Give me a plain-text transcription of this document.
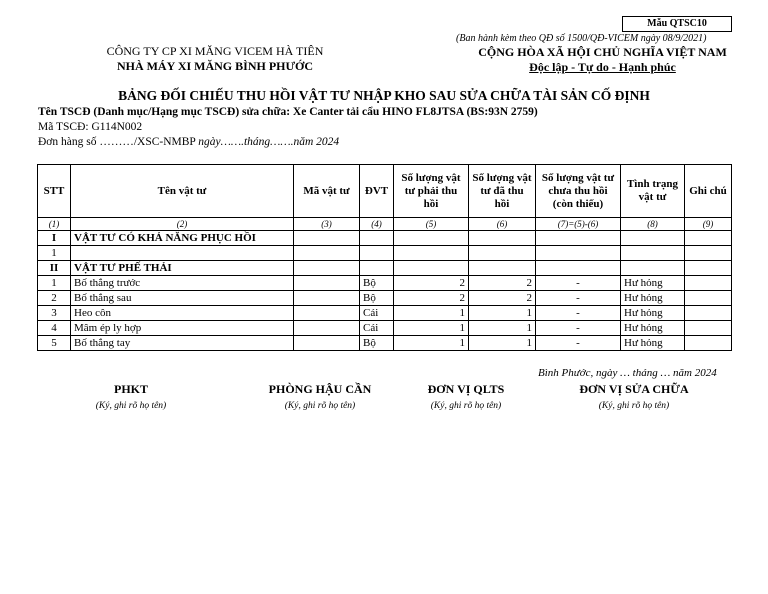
Mẫu QTSC10
(Ban hành kèm theo QĐ số 1500/QĐ-VICEM ngày 08/9/2021)
CÔNG TY CP XI MĂNG VICEM HÀ TIÊN
NHÀ MÁY XI MĂNG BÌNH PHƯỚC
CỘNG HÒA XÃ HỘI CHỦ NGHĨA VIỆT NAM
Độc lập - Tự do - Hạnh phúc
BẢNG ĐỐI CHIẾU THU HỒI VẬT TƯ NHẬP KHO SAU SỬA CHỮA TÀI SẢN CỐ ĐỊNH
Tên TSCĐ (Danh mục/Hạng mục TSCĐ) sửa chữa: Xe Canter tải cẩu HINO FL8JTSA (BS:93N 2759)
Mã TSCĐ: G114N002
Đơn hàng số ………/XSC-NMBP ngày…….tháng…….năm 2024
STT	Tên vật tư	Mã vật tư	ĐVT	Số lượng vật tư phải thu hồi	Số lượng vật tư đã thu hồi	Số lượng vật tư chưa thu hồi (còn thiếu)	Tình trạng vật tư	Ghi chú
(1)	(2)	(3)	(4)	(5)	(6)	(7)=(5)-(6)	(8)	(9)
I	VẬT TƯ CÓ KHẢ NĂNG PHỤC HỒI							
1								
II	VẬT TƯ PHẾ THẢI							
1	Bố thắng trước		Bộ	2	2	-	Hư hỏng	
2	Bố thắng sau		Bộ	2	2	-	Hư hỏng	
3	Heo côn		Cái	1	1	-	Hư hỏng	
4	Mâm ép ly hợp		Cái	1	1	-	Hư hỏng	
5	Bố thắng tay		Bộ	1	1	-	Hư hỏng	
Bình Phước, ngày … tháng … năm 2024
PHKT
(Ký, ghi rõ họ tên)
PHÒNG HẬU CẦN
(Ký, ghi rõ họ tên)
ĐƠN VỊ QLTS
(Ký, ghi rõ họ tên)
ĐƠN VỊ SỬA CHỮA
(Ký, ghi rõ họ tên)
